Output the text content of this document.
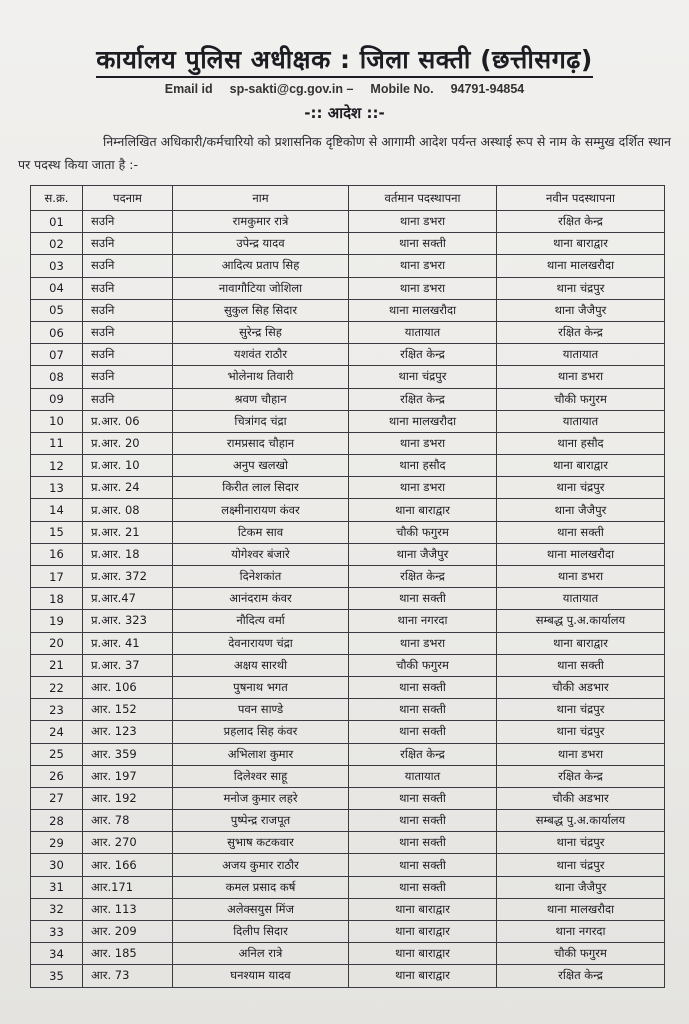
कार्यालय पुलिस अधीक्षक : जिला सक्ती (छत्तीसगढ़)
Email id sp-sakti@cg.gov.in – Mobile No. 94791-94854
-:: आदेश ::-
निम्नलिखित अधिकारी/कर्मचारियो को प्रशासनिक दृष्टिकोण से आगामी आदेश पर्यन्त अस्थाई रूप से नाम के सम्मुख दर्शित स्थान पर पदस्थ किया जाता है :-
स.क्र.	पदनाम	नाम	वर्तमान पदस्थापना	नवीन पदस्थापना
01	सउनि	रामकुमार रात्रे	थाना डभरा	रक्षित केन्द्र
02	सउनि	उपेन्द्र यादव	थाना सक्ती	थाना बाराद्वार
03	सउनि	आदित्य प्रताप सिह	थाना डभरा	थाना मालखरौदा
04	सउनि	नावागौटिया जोशिला	थाना डभरा	थाना चंद्रपुर
05	सउनि	सुकुल सिह सिदार	थाना मालखरौदा	थाना जैजैपुर
06	सउनि	सुरेन्द्र सिह	यातायात	रक्षित केन्द्र
07	सउनि	यशवंत राठौर	रक्षित केन्द्र	यातायात
08	सउनि	भोलेनाथ तिवारी	थाना चंद्रपुर	थाना डभरा
09	सउनि	श्रवण चौहान	रक्षित केन्द्र	चौकी फगुरम
10	प्र.आर. 06	चित्रांगद चंद्रा	थाना मालखरौदा	यातायात
11	प्र.आर. 20	रामप्रसाद चौहान	थाना डभरा	थाना हसौद
12	प्र.आर. 10	अनुप खलखो	थाना हसौद	थाना बाराद्वार
13	प्र.आर. 24	किरीत लाल सिदार	थाना डभरा	थाना चंद्रपुर
14	प्र.आर. 08	लक्ष्मीनारायण कंवर	थाना बाराद्वार	थाना जैजैपुर
15	प्र.आर. 21	टिकम साव	चौकी फगुरम	थाना सक्ती
16	प्र.आर. 18	योगेश्वर बंजारे	थाना जैजैपुर	थाना मालखरौदा
17	प्र.आर. 372	दिनेशकांत	रक्षित केन्द्र	थाना डभरा
18	प्र.आर.47	आनंदराम कंवर	थाना सक्ती	यातायात
19	प्र.आर. 323	नौदित्य वर्मा	थाना नगरदा	सम्बद्ध पु.अ.कार्यालय
20	प्र.आर. 41	देवनारायण चंद्रा	थाना डभरा	थाना बाराद्वार
21	प्र.आर. 37	अक्षय सारथी	चौकी फगुरम	थाना सक्ती
22	आर. 106	पुषनाथ भगत	थाना सक्ती	चौकी अडभार
23	आर. 152	पवन साण्डे	थाना सक्ती	थाना चंद्रपुर
24	आर. 123	प्रहलाद सिह कंवर	थाना सक्ती	थाना चंद्रपुर
25	आर. 359	अभिलाश कुमार	रक्षित केन्द्र	थाना डभरा
26	आर. 197	दिलेश्वर साहू	यातायात	रक्षित केन्द्र
27	आर. 192	मनोज कुमार लहरे	थाना सक्ती	चौकी अडभार
28	आर. 78	पुष्पेन्द्र राजपूत	थाना सक्ती	सम्बद्ध पु.अ.कार्यालय
29	आर. 270	सुभाष कटकवार	थाना सक्ती	थाना चंद्रपुर
30	आर. 166	अजय कुमार राठौर	थाना सक्ती	थाना चंद्रपुर
31	आर.171	कमल प्रसाद कर्ष	थाना सक्ती	थाना जैजैपुर
32	आर. 113	अलेक्सयुस मिंज	थाना बाराद्वार	थाना मालखरौदा
33	आर. 209	दिलीप सिदार	थाना बाराद्वार	थाना नगरदा
34	आर. 185	अनिल रात्रे	थाना बाराद्वार	चौकी फगुरम
35	आर. 73	घनश्याम यादव	थाना बाराद्वार	रक्षित केन्द्र
